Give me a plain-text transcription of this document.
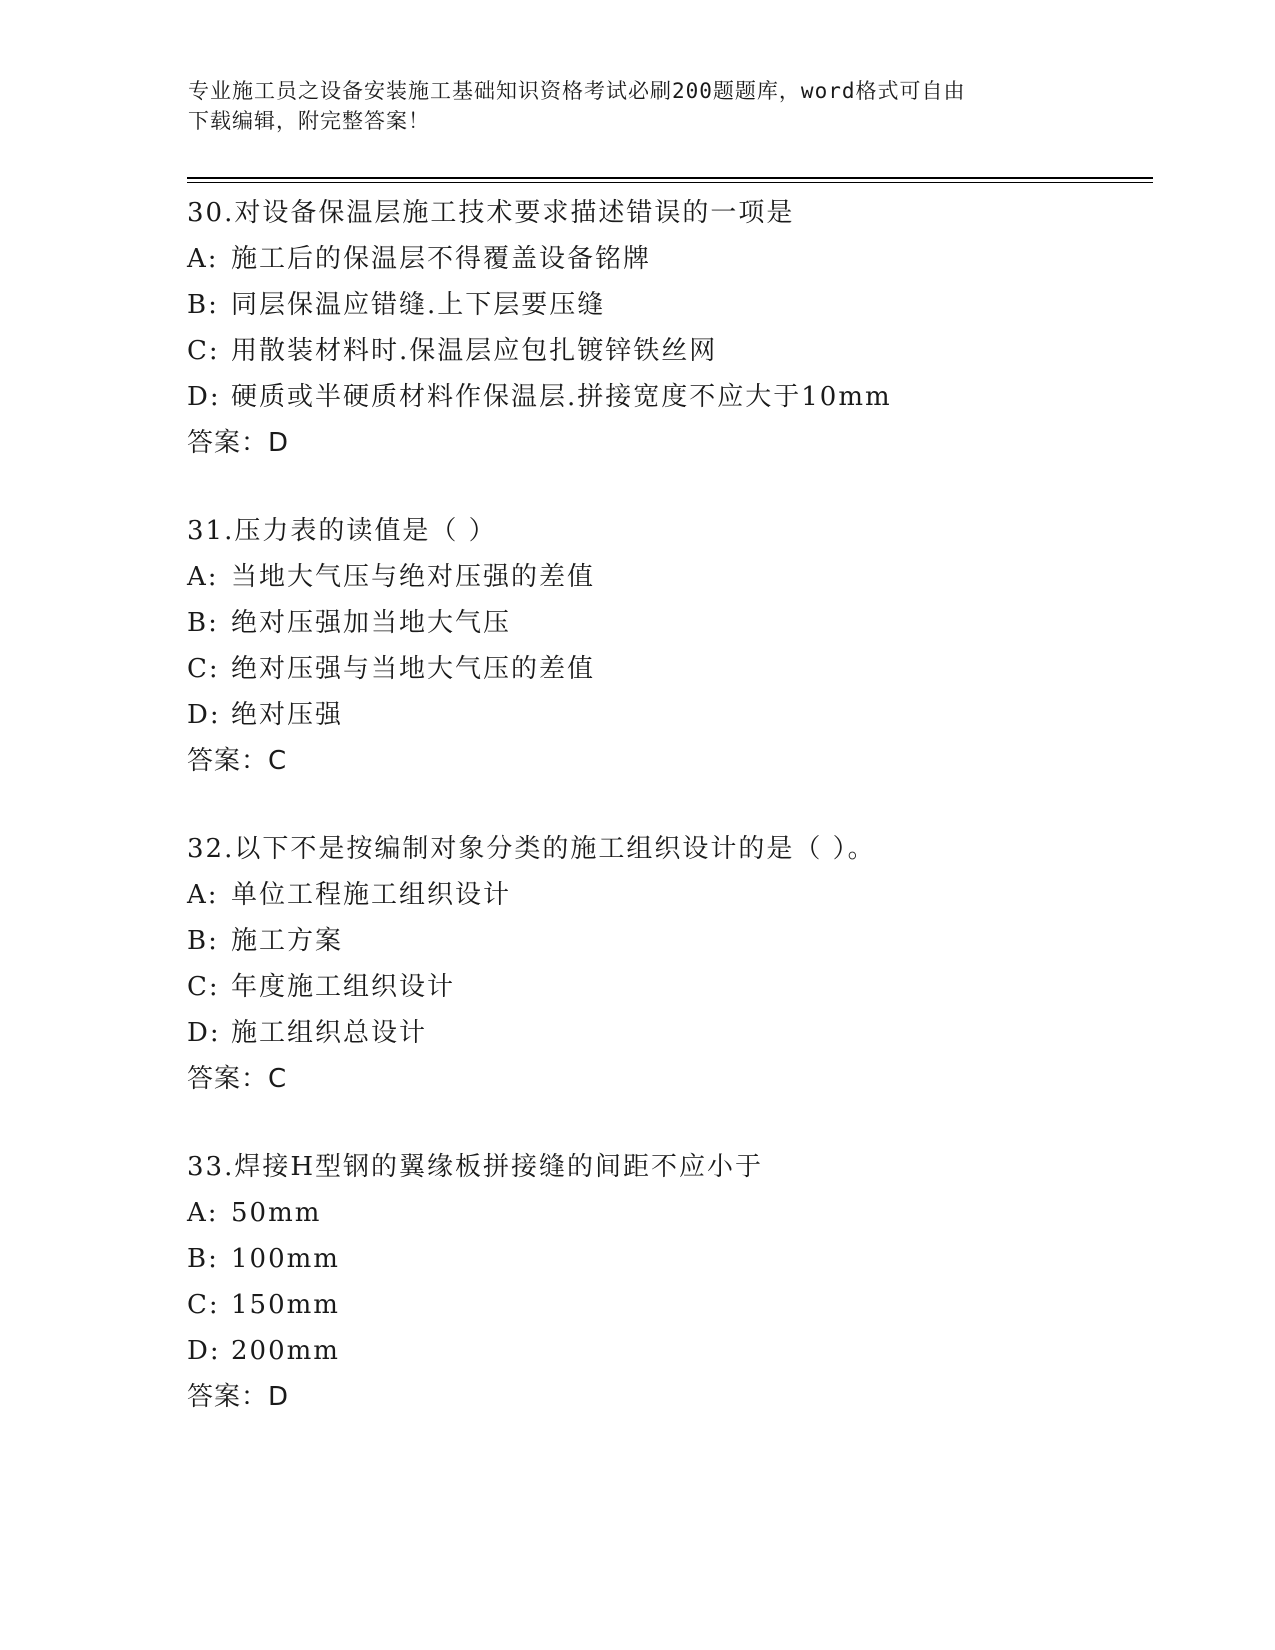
专业施工员之设备安装施工基础知识资格考试必刷200题题库，word格式可自由
下载编辑，附完整答案！
30.对设备保温层施工技术要求描述错误的一项是
A: 施工后的保温层不得覆盖设备铭牌
B: 同层保温应错缝.上下层要压缝
C: 用散装材料时.保温层应包扎镀锌铁丝网
D: 硬质或半硬质材料作保温层.拼接宽度不应大于10mm
答案：D
31.压力表的读值是（ ）
A: 当地大气压与绝对压强的差值
B: 绝对压强加当地大气压
C: 绝对压强与当地大气压的差值
D: 绝对压强
答案：C
32.以下不是按编制对象分类的施工组织设计的是（ ）。
A: 单位工程施工组织设计
B: 施工方案
C: 年度施工组织设计
D: 施工组织总设计
答案：C
33.焊接H型钢的翼缘板拼接缝的间距不应小于
A: 50mm
B: 100mm
C: 150mm
D: 200mm
答案：D
